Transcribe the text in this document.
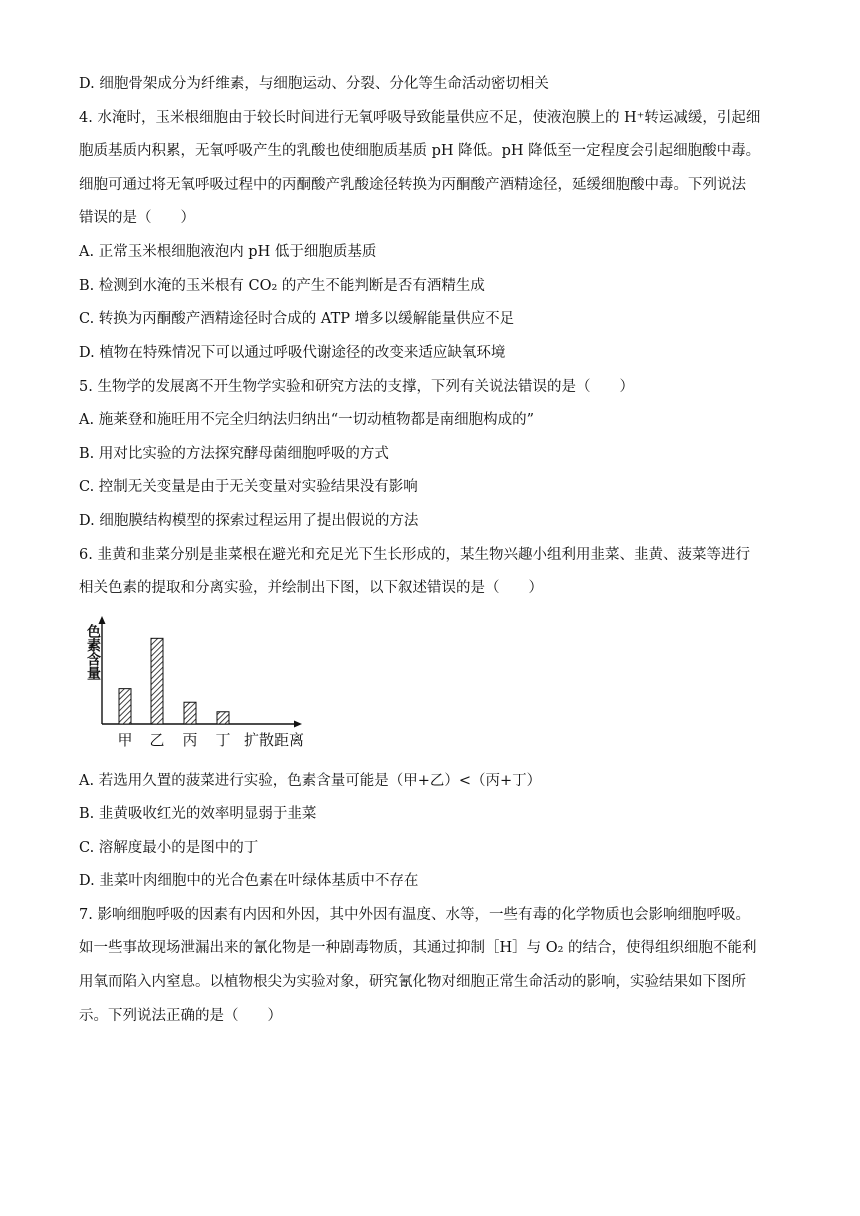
D. 细胞骨架成分为纤维素，与细胞运动、分裂、分化等生命活动密切相关
4. 水淹时，玉米根细胞由于较长时间进行无氧呼吸导致能量供应不足，使液泡膜上的 H⁺转运减缓，引起细
胞质基质内积累，无氧呼吸产生的乳酸也使细胞质基质 pH 降低。pH 降低至一定程度会引起细胞酸中毒。
细胞可通过将无氧呼吸过程中的丙酮酸产乳酸途径转换为丙酮酸产酒精途径，延缓细胞酸中毒。下列说法
错误的是（　　）
A. 正常玉米根细胞液泡内 pH 低于细胞质基质
B. 检测到水淹的玉米根有 CO₂ 的产生不能判断是否有酒精生成
C. 转换为丙酮酸产酒精途径时合成的 ATP 增多以缓解能量供应不足
D. 植物在特殊情况下可以通过呼吸代谢途径的改变来适应缺氧环境
5. 生物学的发展离不开生物学实验和研究方法的支撑，下列有关说法错误的是（　　）
A. 施莱登和施旺用不完全归纳法归纳出“一切动植物都是南细胞构成的”
B. 用对比实验的方法探究酵母菌细胞呼吸的方式
C. 控制无关变量是由于无关变量对实验结果没有影响
D. 细胞膜结构模型的探索过程运用了提出假说的方法
6. 韭黄和韭菜分别是韭菜根在避光和充足光下生长形成的，某生物兴趣小组利用韭菜、韭黄、菠菜等进行
相关色素的提取和分离实验，并绘制出下图，以下叙述错误的是（　　）
色素含量
甲 乙 丙 丁 扩散距离
A. 若选用久置的菠菜进行实验，色素含量可能是（甲+乙）<（丙+丁）
B. 韭黄吸收红光的效率明显弱于韭菜
C. 溶解度最小的是图中的丁
D. 韭菜叶肉细胞中的光合色素在叶绿体基质中不存在
7. 影响细胞呼吸的因素有内因和外因，其中外因有温度、水等，一些有毒的化学物质也会影响细胞呼吸。
如一些事故现场泄漏出来的氰化物是一种剧毒物质，其通过抑制［H］与 O₂ 的结合，使得组织细胞不能利
用氧而陷入内窒息。以植物根尖为实验对象，研究氰化物对细胞正常生命活动的影响，实验结果如下图所
示。下列说法正确的是（　　）
